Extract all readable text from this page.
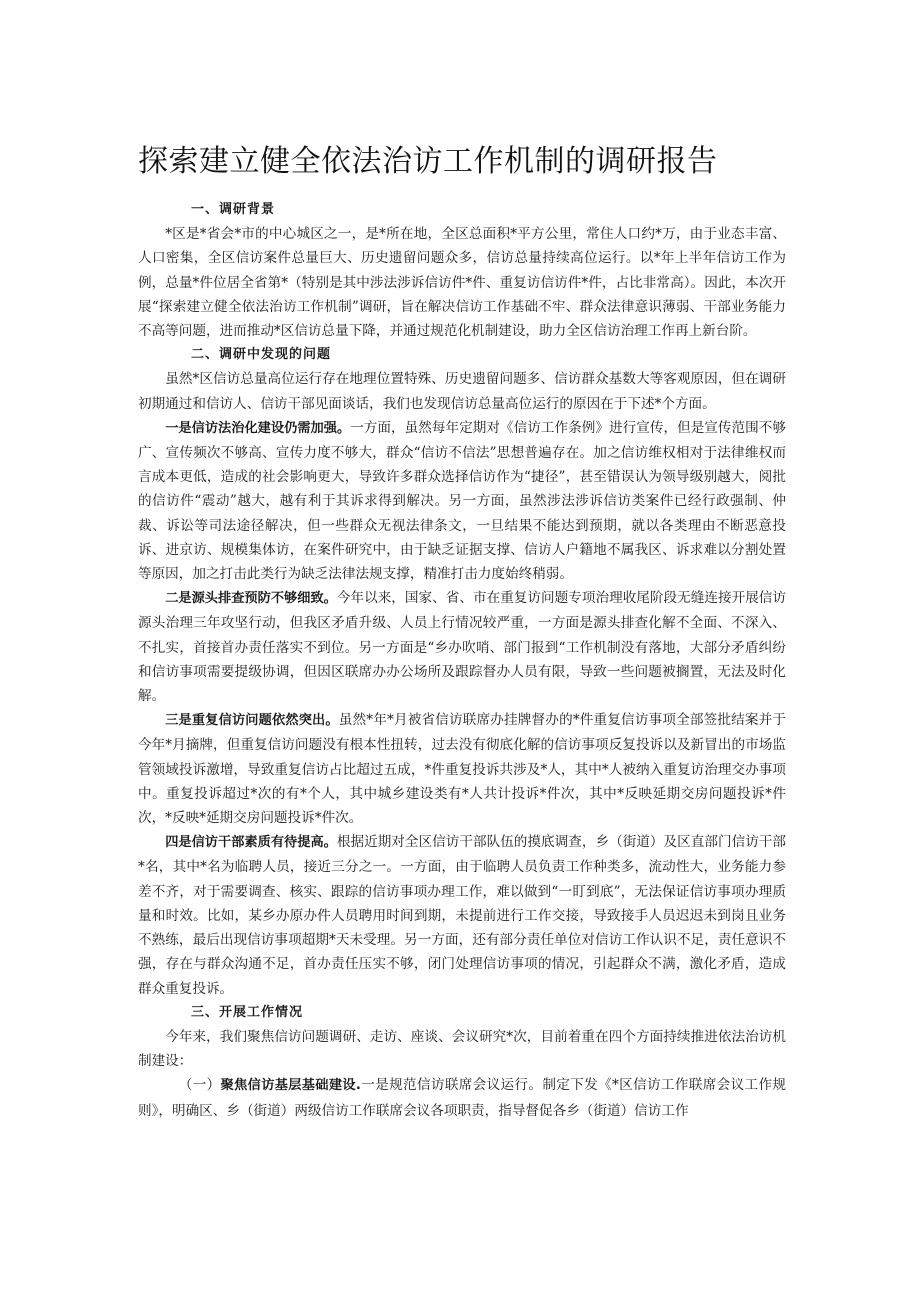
探索建立健全依法治访工作机制的调研报告

一、调研背景

*区是*省会*市的中心城区之一，是*所在地，全区总面积*平方公里，常住人口约*万，由于业态丰富、人口密集，全区信访案件总量巨大、历史遗留问题众多，信访总量持续高位运行。以*年上半年信访工作为例，总量*件位居全省第*（特别是其中涉法涉诉信访件*件、重复访信访件*件，占比非常高）。因此，本次开展“探索建立健全依法治访工作机制”调研，旨在解决信访工作基础不牢、群众法律意识薄弱、干部业务能力不高等问题，进而推动*区信访总量下降，并通过规范化机制建设，助力全区信访治理工作再上新台阶。

二、调研中发现的问题

虽然*区信访总量高位运行存在地理位置特殊、历史遗留问题多、信访群众基数大等客观原因，但在调研初期通过和信访人、信访干部见面谈话，我们也发现信访总量高位运行的原因在于下述*个方面。

一是信访法治化建设仍需加强。一方面，虽然每年定期对《信访工作条例》进行宣传，但是宣传范围不够广、宣传频次不够高、宣传力度不够大，群众“信访不信法”思想普遍存在。加之信访维权相对于法律维权而言成本更低，造成的社会影响更大，导致许多群众选择信访作为“捷径”，甚至错误认为领导级别越大，阅批的信访件“震动”越大，越有利于其诉求得到解决。另一方面，虽然涉法涉诉信访类案件已经行政强制、仲裁、诉讼等司法途径解决，但一些群众无视法律条文，一旦结果不能达到预期，就以各类理由不断恶意投诉、进京访、规模集体访，在案件研究中，由于缺乏证据支撑、信访人户籍地不属我区、诉求难以分割处置等原因，加之打击此类行为缺乏法律法规支撑，精准打击力度始终稍弱。

二是源头排查预防不够细致。今年以来，国家、省、市在重复访问题专项治理收尾阶段无缝连接开展信访源头治理三年攻坚行动，但我区矛盾升级、人员上行情况较严重，一方面是源头排查化解不全面、不深入、不扎实，首接首办责任落实不到位。另一方面是“乡办吹哨、部门报到“工作机制没有落地，大部分矛盾纠纷和信访事项需要提级协调，但因区联席办办公场所及跟踪督办人员有限，导致一些问题被搁置，无法及时化解。

三是重复信访问题依然突出。虽然*年*月被省信访联席办挂牌督办的*件重复信访事项全部签批结案并于今年*月摘牌，但重复信访问题没有根本性扭转，过去没有彻底化解的信访事项反复投诉以及新冒出的市场监管领域投诉激增，导致重复信访占比超过五成，*件重复投诉共涉及*人，其中*人被纳入重复访治理交办事项中。重复投诉超过*次的有*个人，其中城乡建设类有*人共计投诉*件次，其中*反映延期交房问题投诉*件次，*反映*延期交房问题投诉*件次。

四是信访干部素质有待提高。根据近期对全区信访干部队伍的摸底调查，乡（街道）及区直部门信访干部*名，其中*名为临聘人员，接近三分之一。一方面，由于临聘人员负责工作种类多，流动性大，业务能力参差不齐，对于需要调查、核实、跟踪的信访事项办理工作，难以做到“一盯到底”，无法保证信访事项办理质量和时效。比如，某乡办原办件人员聘用时间到期，未提前进行工作交接，导致接手人员迟迟未到岗且业务不熟练，最后出现信访事项超期*天未受理。另一方面，还有部分责任单位对信访工作认识不足，责任意识不强，存在与群众沟通不足，首办责任压实不够，闭门处理信访事项的情况，引起群众不满，激化矛盾，造成群众重复投诉。

三、开展工作情况

今年来，我们聚焦信访问题调研、走访、座谈、会议研究*次，目前着重在四个方面持续推进依法治访机制建设：

（一）聚焦信访基层基础建设.一是规范信访联席会议运行。制定下发《*区信访工作联席会议工作规则》，明确区、乡（街道）两级信访工作联席会议各项职责，指导督促各乡（街道）信访工作
